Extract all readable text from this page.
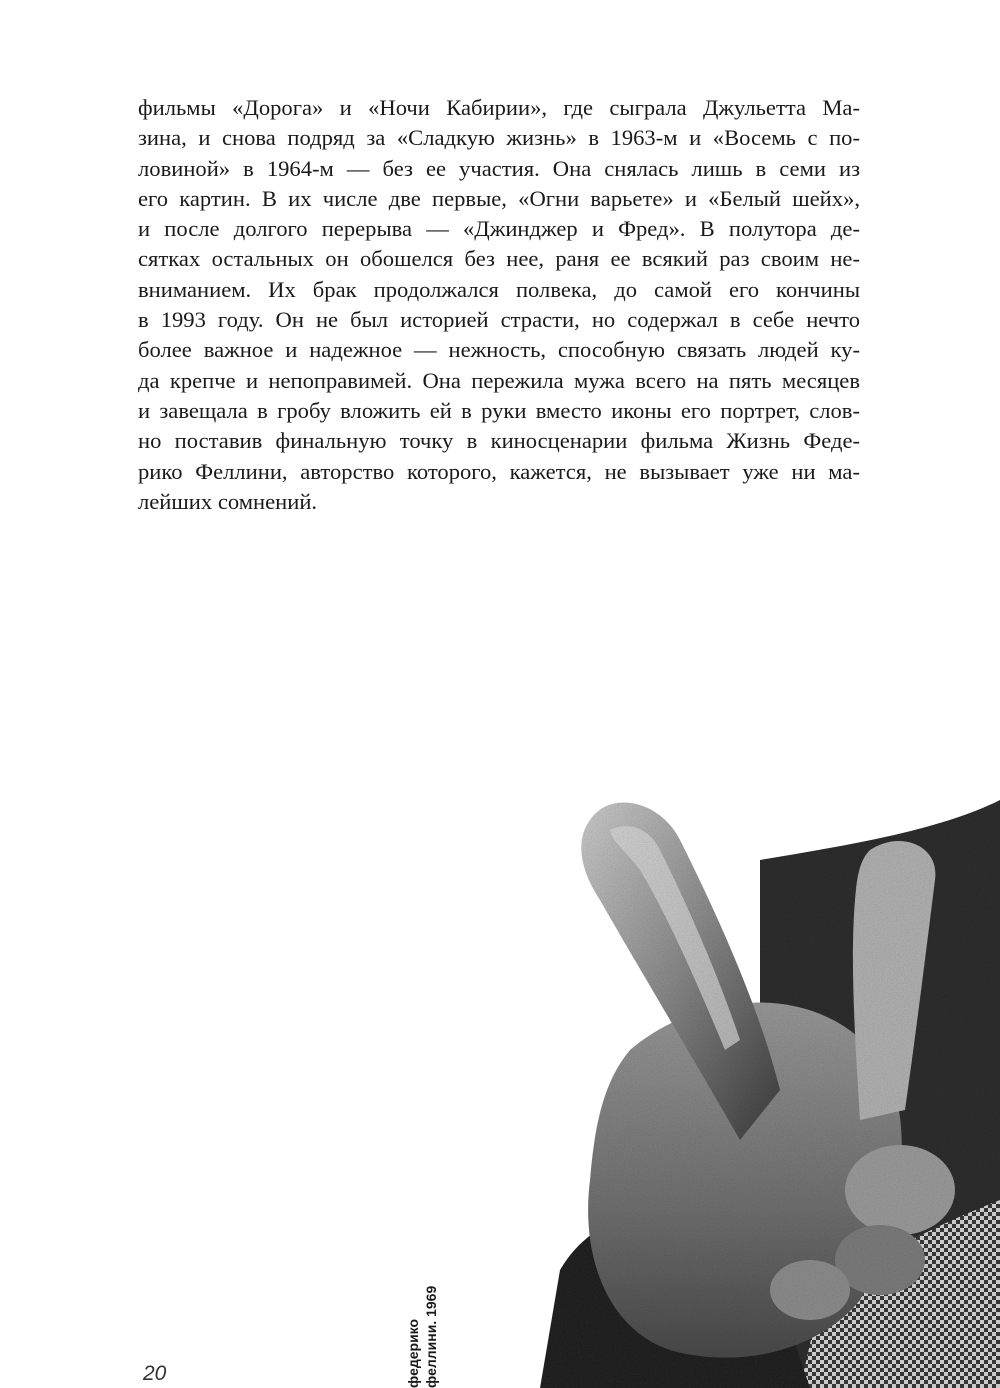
фильмы «Дорога» и «Ночи Кабирии», где сыграла Джульетта Ма-
зина, и снова подряд за «Сладкую жизнь» в 1963-м и «Восемь с по-
ловиной» в 1964-м — без ее участия. Она снялась лишь в семи из
его картин. В их числе две первые, «Огни варьете» и «Белый шейх»,
и после долгого перерыва — «Джинджер и Фред». В полутора де-
сятках остальных он обошелся без нее, раня ее всякий раз своим не-
вниманием. Их брак продолжался полвека, до самой его кончины
в 1993 году. Он не был историей страсти, но содержал в себе нечто
более важное и надежное — нежность, способную связать людей ку-
да крепче и непоправимей. Она пережила мужа всего на пять месяцев
и завещала в гробу вложить ей в руки вместо иконы его портрет, слов-
но поставив финальную точку в киносценарии фильма Жизнь Феде-
рико Феллини, авторство которого, кажется, не вызывает уже ни ма-
лейших сомнений.
федерико феллини. 1969
20
